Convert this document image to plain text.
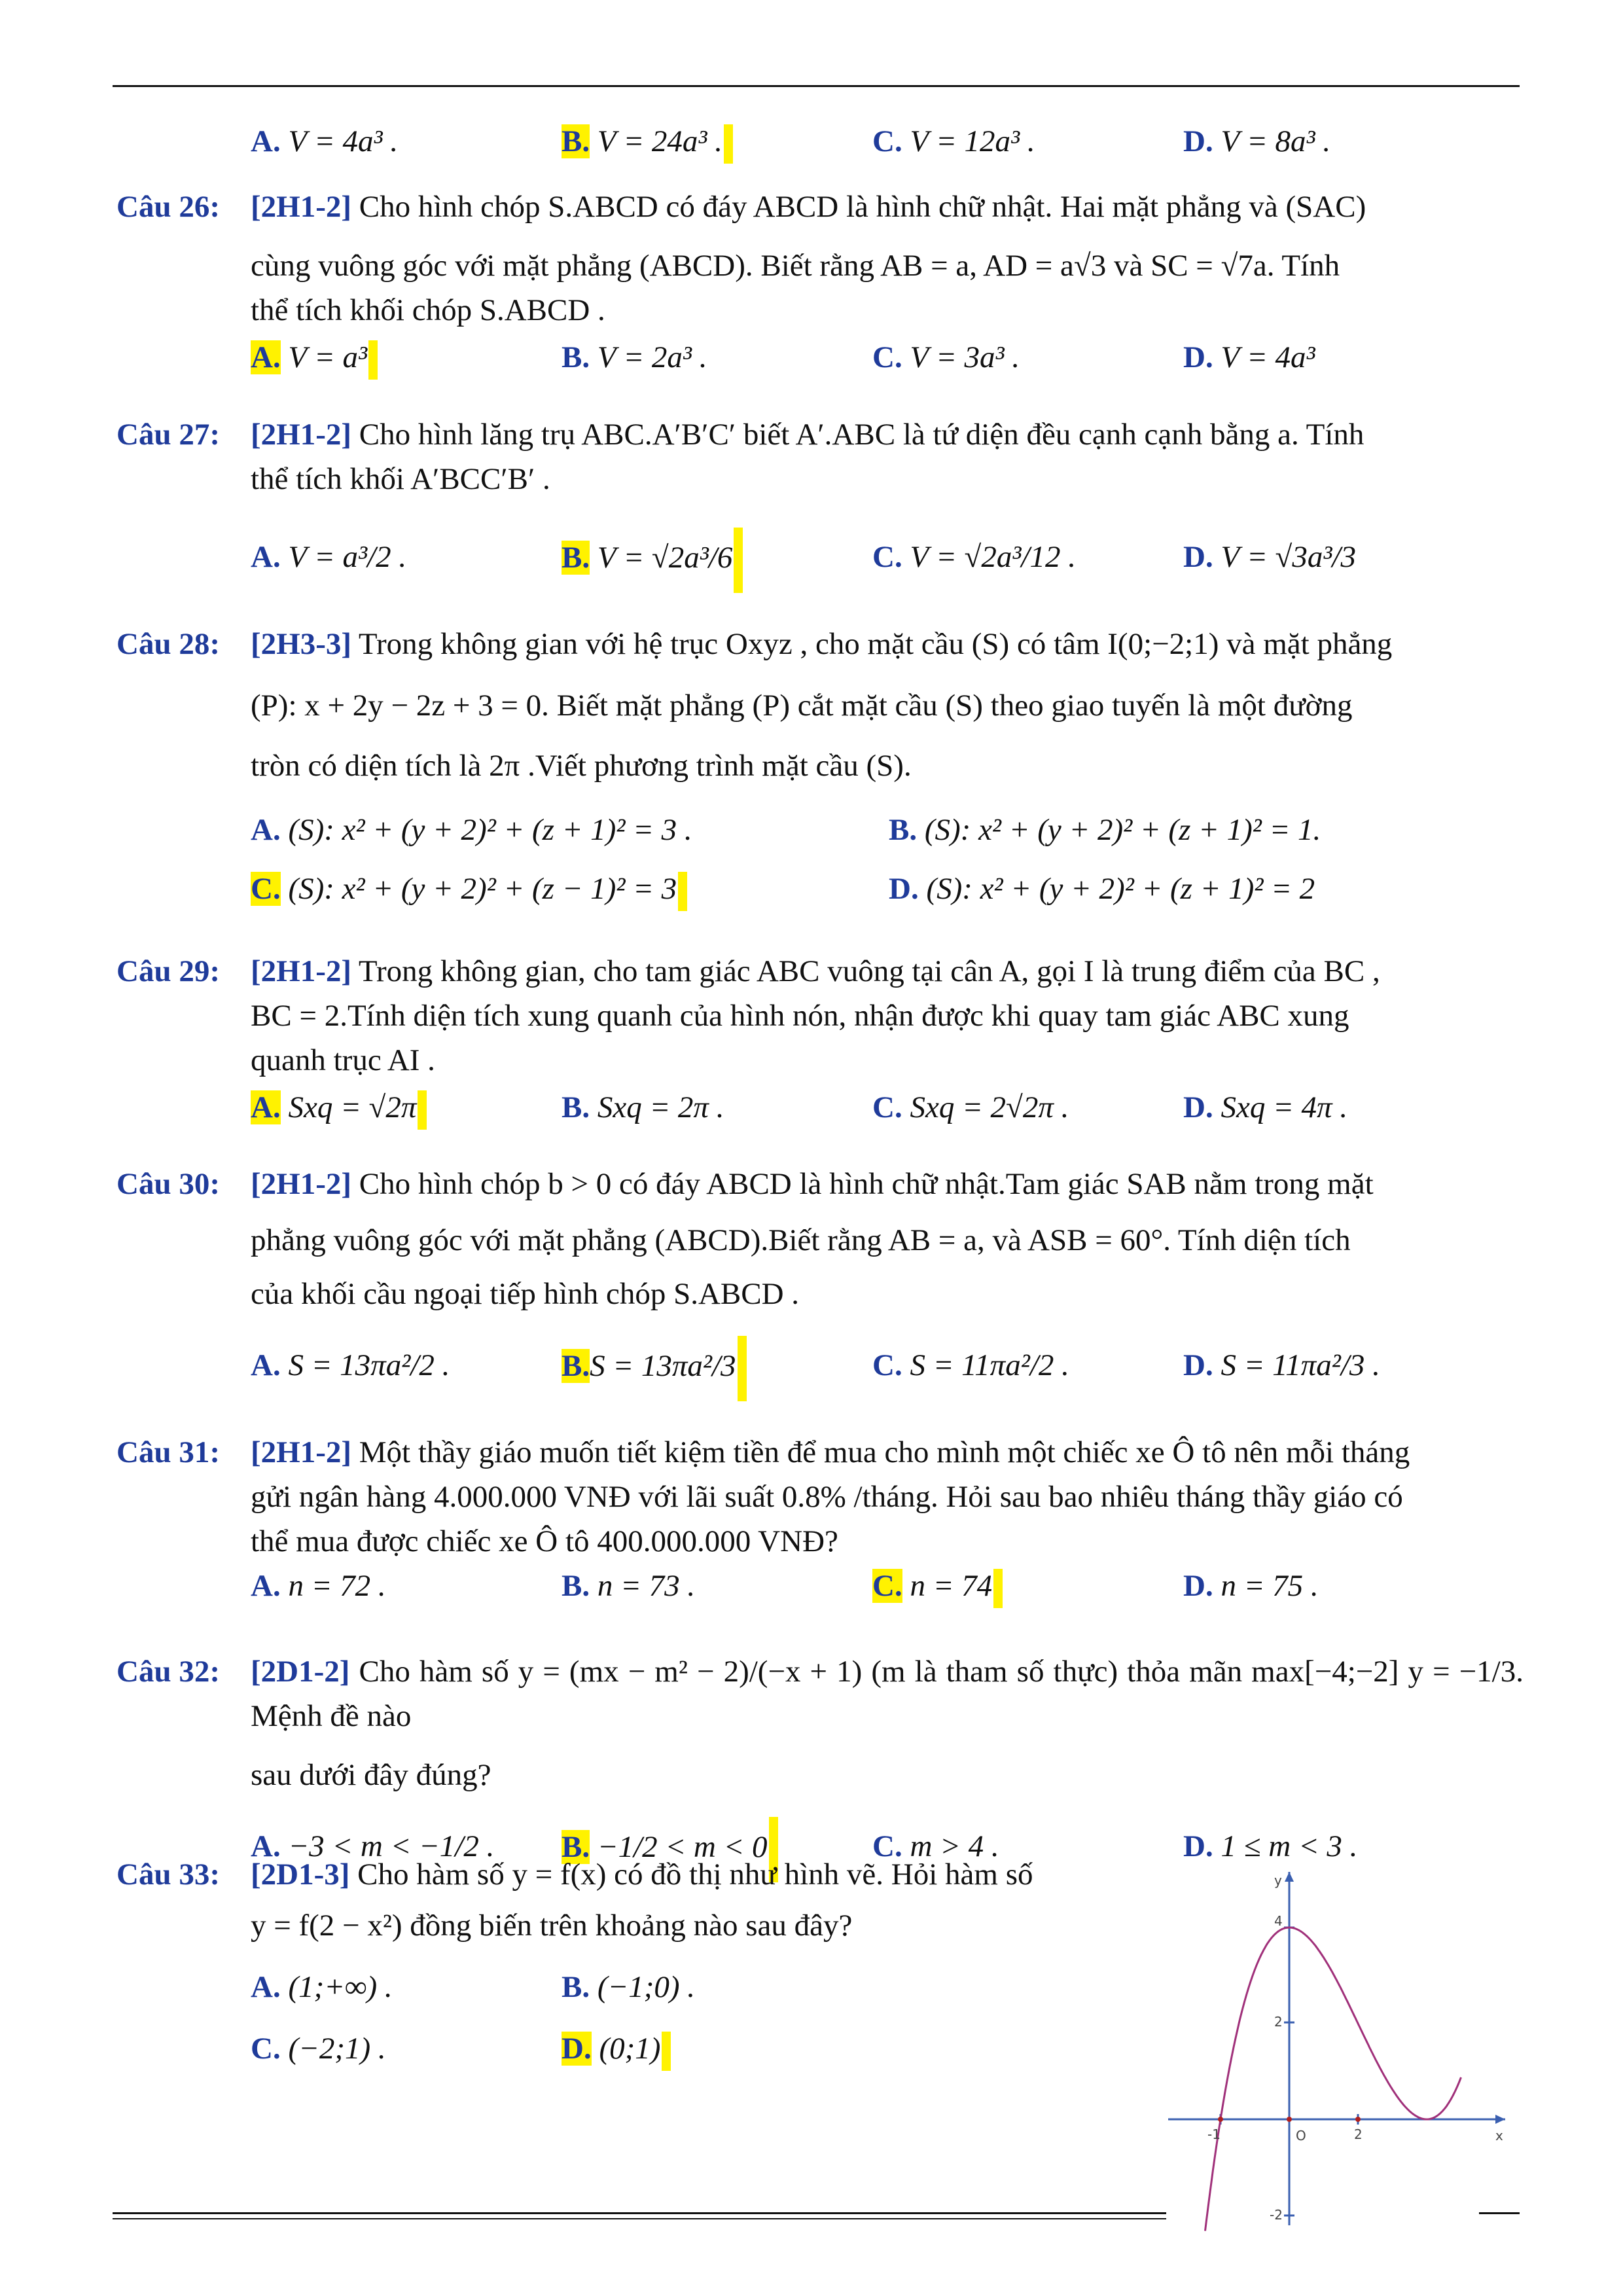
A. V = 4a³ .	B. V = 24a³ .	C. V = 12a³ .	D. V = 8a³ .
Câu 26:	[2H1-2] Cho hình chóp S.ABCD có đáy ABCD là hình chữ nhật. Hai mặt phẳng và (SAC)
cùng vuông góc với mặt phẳng (ABCD). Biết rằng AB = a, AD = a√3 và SC = √7a. Tính
thể tích khối chóp S.ABCD .
A. V = a³	B. V = 2a³ .	C. V = 3a³ .	D. V = 4a³
Câu 27:	[2H1-2] Cho hình lăng trụ ABC.A′B′C′ biết A′.ABC là tứ diện đều cạnh cạnh bằng a. Tính
thể tích khối A′BCC′B′ .
A. V = a³/2 .	B. V = √2a³/6	C. V = √2a³/12 .	D. V = √3a³/3
Câu 28:	[2H3-3] Trong không gian với hệ trục Oxyz , cho mặt cầu (S) có tâm I(0;−2;1) và mặt phẳng
(P): x + 2y − 2z + 3 = 0. Biết mặt phẳng (P) cắt mặt cầu (S) theo giao tuyến là một đường
tròn có diện tích là 2π .Viết phương trình mặt cầu (S).
A. (S): x² + (y + 2)² + (z + 1)² = 3 .	B. (S): x² + (y + 2)² + (z + 1)² = 1.
C. (S): x² + (y + 2)² + (z − 1)² = 3	D. (S): x² + (y + 2)² + (z + 1)² = 2
Câu 29:	[2H1-2] Trong không gian, cho tam giác ABC vuông tại cân A, gọi I là trung điểm của BC ,
BC = 2.Tính diện tích xung quanh của hình nón, nhận được khi quay tam giác ABC xung
quanh trục AI .
A. Sxq = √2π	B. Sxq = 2π .	C. Sxq = 2√2π .	D. Sxq = 4π .
Câu 30:	[2H1-2] Cho hình chóp b > 0 có đáy ABCD là hình chữ nhật.Tam giác SAB nằm trong mặt
phẳng vuông góc với mặt phẳng (ABCD).Biết rằng AB = a, và ASB = 60°. Tính diện tích
của khối cầu ngoại tiếp hình chóp S.ABCD .
A. S = 13πa²/2 .	B.S = 13πa²/3	C. S = 11πa²/2 .	D. S = 11πa²/3 .
Câu 31:	[2H1-2] Một thầy giáo muốn tiết kiệm tiền để mua cho mình một chiếc xe Ô tô nên mỗi tháng
gửi ngân hàng 4.000.000 VNĐ với lãi suất 0.8% /tháng. Hỏi sau bao nhiêu tháng thầy giáo có
thể mua được chiếc xe Ô tô 400.000.000 VNĐ?
A. n = 72 .	B. n = 73 .	C. n = 74	D. n = 75 .
Câu 32:	[2D1-2] Cho hàm số y = (mx − m² − 2)/(−x + 1) (m là tham số thực) thỏa mãn max[−4;−2] y = −1/3. Mệnh đề nào
sau dưới đây đúng?
A. −3 < m < −1/2 .	B. −1/2 < m < 0	C. m > 4 .	D. 1 ≤ m < 3 .
Câu 33:	[2D1-3] Cho hàm số y = f(x) có đồ thị như hình vẽ. Hỏi hàm số
y = f(2 − x²) đồng biến trên khoảng nào sau đây?
A. (1;+∞) .	B. (−1;0) .
C. (−2;1) .	D. (0;1)
x
y
O
-1	2
4
2
-2
